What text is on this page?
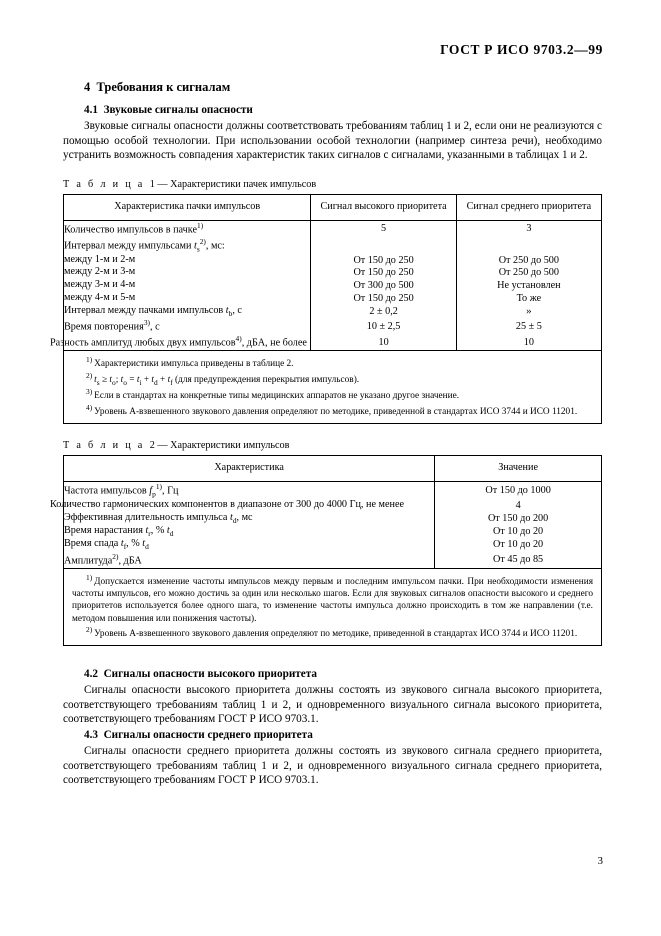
ГОСТ Р ИСО 9703.2—99
4 Требования к сигналам
4.1 Звуковые сигналы опасности

Звуковые сигналы опасности должны соответствовать требованиям таблиц 1 и 2, если они не реализуются с помощью особой технологии. При использовании особой технологии (например синтеза речи), необходимо устранить возможность совпадения характеристик таких сигналов с сигналами, указанными в таблицах 1 и 2.

Т а б л и ц а 1 — Характеристики пачек импульсов
Характеристика пачки импульсов	Сигнал высокого приоритета	Сигнал среднего приоритета
Количество импульсов в пачке$^{1)}$	5	3
Интервал между импульсами $t_s^{2)}$, мс:		
между 1-м и 2-м	От 150 до 250	От 250 до 500
между 2-м и 3-м	От 150 до 250	От 250 до 500
между 3-м и 4-м	От 300 до 500	Не установлен
между 4-м и 5-м	От 150 до 250	То же
Интервал между пачками импульсов $t_b$, с	2 ± 0,2	»
Время повторения$^{3)}$, с	10 ± 2,5	25 ± 5
Разность амплитуд любых двух импульсов$^{4)}$, дБА, не более	10	10

$^{1)}$ Характеристики импульса приведены в таблице 2.

$^{2)}$ $t_s \ge t_o$; $t_o = t_i + t_d + t_f$ (для предупреждения перекрытия импульсов).

$^{3)}$ Если в стандартах на конкретные типы медицинских аппаратов не указано другое значение.

$^{4)}$ Уровень А-взвешенного звукового давления определяют по методике, приведенной в стандартах ИСО 3744 и ИСО 11201.		

Т а б л и ц а 2 — Характеристики импульсов
Характеристика	Значение
Частота импульсов $f_p^{1)}$, Гц	От 150 до 1000
Количество гармонических компонентов в диапазоне от 300 до 4000 Гц, не менее	4
Эффективная длительность импульса $t_d$, мс	От 150 до 200
Время нарастания $t_r$, % $t_d$	От 10 до 20
Время спада $t_f$, % $t_d$	От 10 до 20
Амплитуда$^{2)}$, дБА	От 45 до 85

$^{1)}$ Допускается изменение частоты импульсов между первым и последним импульсом пачки. При необходимости изменения частоты импульсов, его можно достичь за один или несколько шагов. Если для звуковых сигналов опасности высокого и среднего приоритетов используется более одного шага, то изменение частоты импульса должно происходить в том же направлении (т.е. методом повышения или понижения частоты).

$^{2)}$ Уровень А-взвешенного звукового давления определяют по методике, приведенной в стандартах ИСО 3744 и ИСО 11201.	

4.2 Сигналы опасности высокого приоритета

Сигналы опасности высокого приоритета должны состоять из звукового сигнала высокого приоритета, соответствующего требованиям таблиц 1 и 2, и одновременного визуального сигнала высокого приоритета, соответствующего требованиям ГОСТ Р ИСО 9703.1.

4.3 Сигналы опасности среднего приоритета

Сигналы опасности среднего приоритета должны состоять из звукового сигнала среднего приоритета, соответствующего требованиям таблиц 1 и 2, и одновременного визуального сигнала среднего приоритета, соответствующего требованиям ГОСТ Р ИСО 9703.1.

3
